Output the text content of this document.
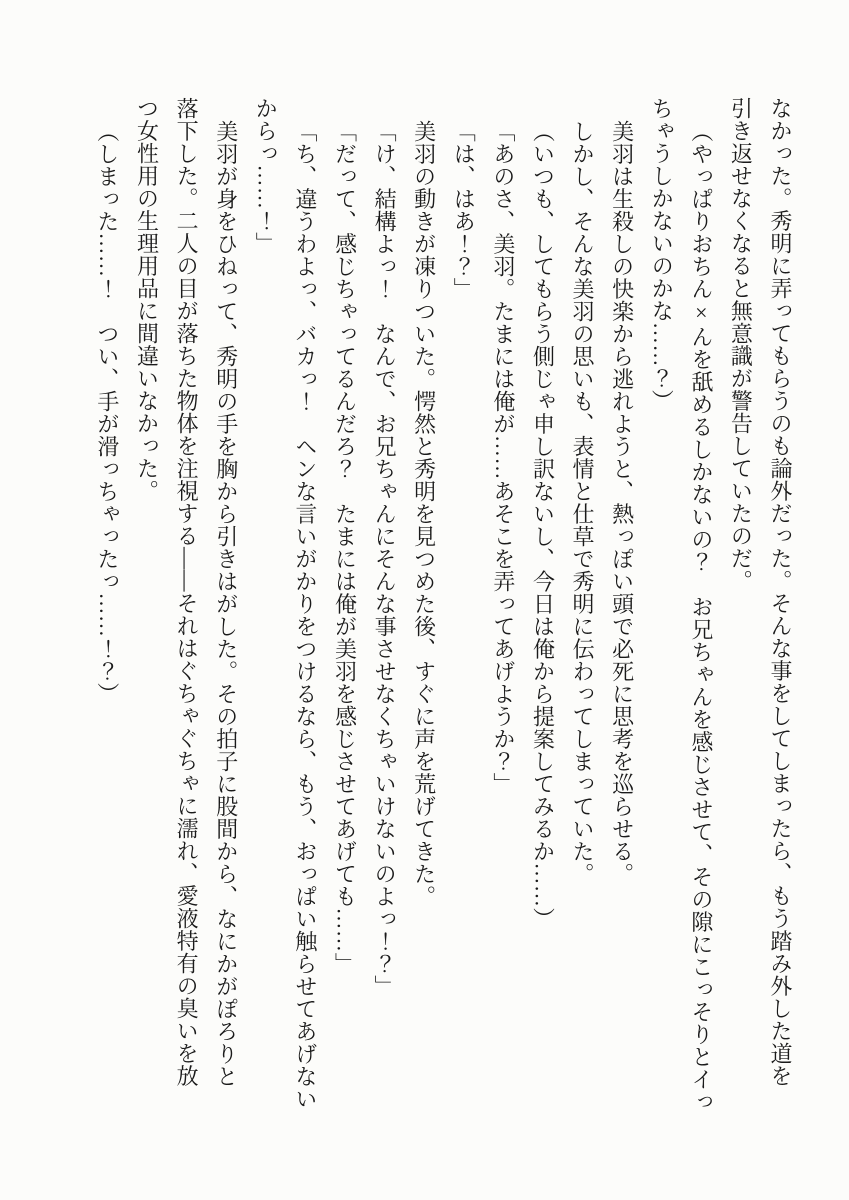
なかった。秀明に弄ってもらうのも論外だった。そんな事をしてしまったら、もう踏み外した道を

引き返せなくなると無意識が警告していたのだ。

（やっぱりおちん×んを舐めるしかないの？　お兄ちゃんを感じさせて、その隙にこっそりとイっ

ちゃうしかないのかな……？）

美羽は生殺しの快楽から逃れようと、熱っぽい頭で必死に思考を巡らせる。

しかし、そんな美羽の思いも、表情と仕草で秀明に伝わってしまっていた。

（いつも、してもらう側じゃ申し訳ないし、今日は俺から提案してみるか……）

「あのさ、美羽。たまには俺が……あそこを弄ってあげようか？」

「は、はあ！？」

美羽の動きが凍りついた。愕然と秀明を見つめた後、すぐに声を荒げてきた。

「け、結構よっ！　なんで、お兄ちゃんにそんな事させなくちゃいけないのよっ！？」

「だって、感じちゃってるんだろ？　たまには俺が美羽を感じさせてあげても……」

「ち、違うわよっ、バカっ！　ヘンな言いがかりをつけるなら、もう、おっぱい触らせてあげない

からっ……！」

美羽が身をひねって、秀明の手を胸から引きはがした。その拍子に股間から、なにかがぽろりと

落下した。二人の目が落ちた物体を注視する――それはぐちゃぐちゃに濡れ、愛液特有の臭いを放

つ女性用の生理用品に間違いなかった。

（しまった……！　つい、手が滑っちゃったっ……！？）
